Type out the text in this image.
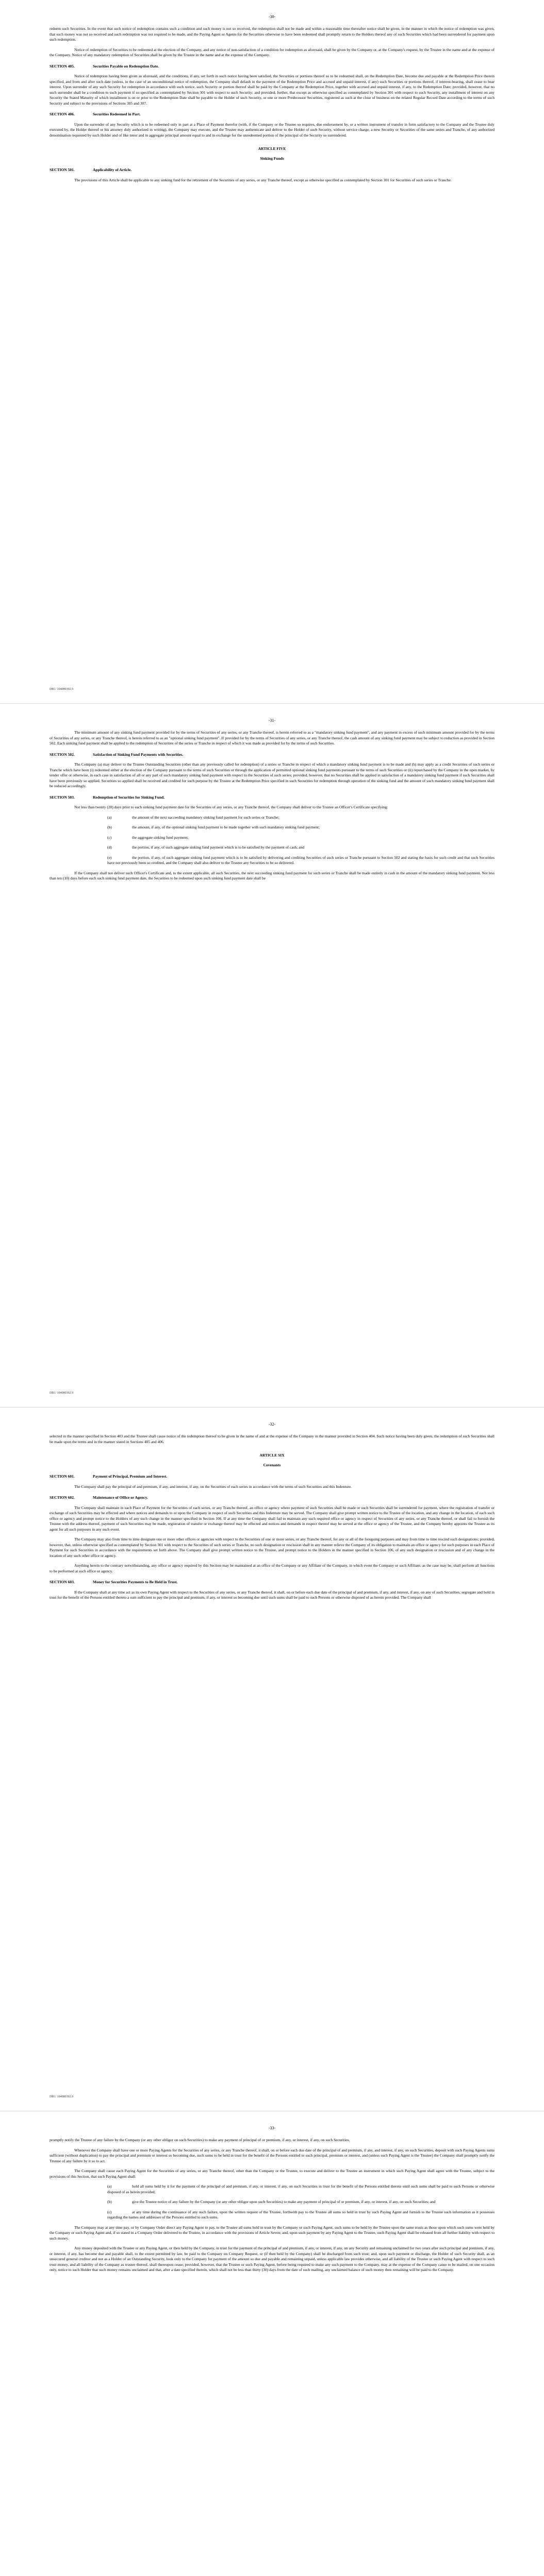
-30-

redeem such Securities. In the event that such notice of redemption contains such a condition and such money is not so received, the redemption shall not be made and within a reasonable time thereafter notice shall be given, in the manner in which the notice of redemption was given, that such money was not so received and such redemption was not required to be made, and the Paying Agent or Agents for the Securities otherwise to have been redeemed shall promptly return to the Holders thereof any of such Securities which had been surrendered for payment upon such redemption.

Notice of redemption of Securities to be redeemed at the election of the Company, and any notice of non-satisfaction of a condition for redemption as aforesaid, shall be given by the Company or, at the Company's request, by the Trustee in the name and at the expense of the Company. Notice of any mandatory redemption of Securities shall be given by the Trustee in the name and at the expense of the Company.

SECTION 405.	Securities Payable on Redemption Date.

Notice of redemption having been given as aforesaid, and the conditions, if any, set forth in such notice having been satisfied, the Securities or portions thereof so to be redeemed shall, on the Redemption Date, become due and payable at the Redemption Price therein specified, and from and after such date (unless, in the case of an unconditional notice of redemption, the Company shall default in the payment of the Redemption Price and accrued and unpaid interest, if any) such Securities or portions thereof, if interest-bearing, shall cease to bear interest. Upon surrender of any such Security for redemption in accordance with such notice, such Security or portion thereof shall be paid by the Company at the Redemption Price, together with accrued and unpaid interest, if any, to the Redemption Date; provided, however, that no such surrender shall be a condition to such payment if so specified as contemplated by Section 301 with respect to such Security; and provided, further, that except as otherwise specified as contemplated by Section 301 with respect to such Security, any installment of interest on any Security the Stated Maturity of which installment is on or prior to the Redemption Date shall be payable to the Holder of such Security, or one or more Predecessor Securities, registered as such at the close of business on the related Regular Record Date according to the terms of such Security and subject to the provisions of Sections 305 and 307.

SECTION 406.	Securities Redeemed in Part.

Upon the surrender of any Security which is to be redeemed only in part at a Place of Payment therefor (with, if the Company or the Trustee so requires, due endorsement by, or a written instrument of transfer in form satisfactory to the Company and the Trustee duly executed by, the Holder thereof or his attorney duly authorized in writing), the Company may execute, and the Trustee may authenticate and deliver to the Holder of such Security, without service charge, a new Security or Securities of the same series and Tranche, of any authorized denomination requested by such Holder and of like tenor and in aggregate principal amount equal to and in exchange for the unredeemed portion of the principal of the Security so surrendered.

ARTICLE FIVE
Sinking Funds
SECTION 501.	Applicability of Article.

The provisions of this Article shall be applicable to any sinking fund for the retirement of the Securities of any series, or any Tranche thereof, except as otherwise specified as contemplated by Section 301 for Securities of such series or Tranche.

DB1/ 104080392.9
-31-

The minimum amount of any sinking fund payment provided for by the terms of Securities of any series, or any Tranche thereof, is herein referred to as a "mandatory sinking fund payment", and any payment in excess of such minimum amount provided for by the terms of Securities of any series, or any Tranche thereof, is herein referred to as an "optional sinking fund payment". If provided for by the terms of Securities of any series, or any Tranche thereof, the cash amount of any sinking fund payment may be subject to reduction as provided in Section 502. Each sinking fund payment shall be applied to the redemption of Securities of the series or Tranche in respect of which it was made as provided for by the terms of such Securities.

SECTION 502.	Satisfaction of Sinking Fund Payments with Securities.

The Company (a) may deliver to the Trustee Outstanding Securities (other than any previously called for redemption) of a series or Tranche in respect of which a mandatory sinking fund payment is to be made and (b) may apply as a credit Securities of such series or Tranche which have been (i) redeemed either at the election of the Company pursuant to the terms of such Securities or through the application of permitted optional sinking fund payments pursuant to the terms of such Securities or (ii) repurchased by the Company in the open market, by tender offer or otherwise, in each case in satisfaction of all or any part of such mandatory sinking fund payment with respect to the Securities of such series; provided, however, that no Securities shall be applied in satisfaction of a mandatory sinking fund payment if such Securities shall have been previously so applied. Securities so applied shall be received and credited for such purpose by the Trustee at the Redemption Price specified in such Securities for redemption through operation of the sinking fund and the amount of such mandatory sinking fund payment shall be reduced accordingly.

SECTION 503.	Redemption of Securities for Sinking Fund.

Not less than twenty (20) days prior to each sinking fund payment date for the Securities of any series, or any Tranche thereof, the Company shall deliver to the Trustee an Officer's Certificate specifying:

(a)	the amount of the next succeeding mandatory sinking fund payment for such series or Tranche;

(b)	the amount, if any, of the optional sinking fund payment to be made together with such mandatory sinking fund payment;

(c)	the aggregate sinking fund payment;

(d)	the portion, if any, of such aggregate sinking fund payment which is to be satisfied by the payment of cash; and

(e)	the portion, if any, of such aggregate sinking fund payment which is to be satisfied by delivering and crediting Securities of such series or Tranche pursuant to Section 502 and stating the basis for such credit and that such Securities have not previously been so credited, and the Company shall also deliver to the Trustee any Securities to be so delivered.

If the Company shall not deliver such Officer's Certificate and, to the extent applicable, all such Securities, the next succeeding sinking fund payment for such series or Tranche shall be made entirely in cash in the amount of the mandatory sinking fund payment. Not less than ten (10) days before each such sinking fund payment date, the Securities to be redeemed upon such sinking fund payment date shall be

DB1/ 104080392.9
-32-

selected in the manner specified in Section 403 and the Trustee shall cause notice of the redemption thereof to be given in the name of and at the expense of the Company in the manner provided in Section 404. Such notice having been duly given, the redemption of such Securities shall be made upon the terms and in the manner stated in Sections 405 and 406.

ARTICLE SIX
Covenants
SECTION 601.	Payment of Principal, Premium and Interest.

The Company shall pay the principal of and premium, if any, and interest, if any, on the Securities of each series in accordance with the terms of such Securities and this Indenture.

SECTION 602.	Maintenance of Office or Agency.

The Company shall maintain in each Place of Payment for the Securities of each series, or any Tranche thereof, an office or agency where payment of such Securities shall be made or such Securities shall be surrendered for payment, where the registration of transfer or exchange of such Securities may be effected and where notices and demands to or upon the Company in respect of such Securities and this Indenture may be served. The Company shall give prompt written notice to the Trustee of the location, and any change in the location, of each such office or agency and prompt notice to the Holders of any such change in the manner specified in Section 106. If at any time the Company shall fail to maintain any such required office or agency in respect of Securities of any series, or any Tranche thereof, or shall fail to furnish the Trustee with the address thereof, payment of such Securities may be made, registration of transfer or exchange thereof may be effected and notices and demands in respect thereof may be served at the office or agency of the Trustee, and the Company hereby appoints the Trustee as its agent for all such purposes in any such event.

The Company may also from time to time designate one or more other offices or agencies with respect to the Securities of one or more series, or any Tranche thereof, for any or all of the foregoing purposes and may from time to time rescind such designations; provided, however, that, unless otherwise specified as contemplated by Section 301 with respect to the Securities of such series or Tranche, no such designation or rescission shall in any manner relieve the Company of its obligation to maintain an office or agency for such purposes in each Place of Payment for such Securities in accordance with the requirements set forth above. The Company shall give prompt written notice to the Trustee, and prompt notice to the Holders in the manner specified in Section 106, of any such designation or rescission and of any change in the location of any such other office or agency.

Anything herein to the contrary notwithstanding, any office or agency required by this Section may be maintained at an office of the Company or any Affiliate of the Company, in which event the Company or such Affiliate, as the case may be, shall perform all functions to be performed at such office or agency.

SECTION 603.	Money for Securities Payments to Be Held in Trust.

If the Company shall at any time act as its own Paying Agent with respect to the Securities of any series, or any Tranche thereof, it shall, on or before each due date of the principal of and premium, if any, and interest, if any, on any of such Securities, segregate and hold in trust for the benefit of the Persons entitled thereto a sum sufficient to pay the principal and premium, if any, or interest so becoming due until such sums shall be paid to such Persons or otherwise disposed of as herein provided. The Company shall

DB1/ 104080392.9
-33-

promptly notify the Trustee of any failure by the Company (or any other obligor on such Securities) to make any payment of principal of or premium, if any, or interest, if any, on such Securities.

Whenever the Company shall have one or more Paying Agents for the Securities of any series, or any Tranche thereof, it shall, on or before each due date of the principal of and premium, if any, and interest, if any, on such Securities, deposit with such Paying Agents sums sufficient (without duplication) to pay the principal and premium or interest so becoming due, such sums to be held in trust for the benefit of the Persons entitled to such principal, premium or interest, and (unless such Paying Agent is the Trustee) the Company shall promptly notify the Trustee of any failure by it so to act.

The Company shall cause each Paying Agent for the Securities of any series, or any Tranche thereof, other than the Company or the Trustee, to execute and deliver to the Trustee an instrument in which such Paying Agent shall agree with the Trustee, subject to the provisions of this Section, that such Paying Agent shall:

(a)	hold all sums held by it for the payment of the principal of and premium, if any, or interest, if any, on such Securities in trust for the benefit of the Persons entitled thereto until such sums shall be paid to such Persons or otherwise disposed of as herein provided;

(b)	give the Trustee notice of any failure by the Company (or any other obligor upon such Securities) to make any payment of principal of or premium, if any, or interest, if any, on such Securities; and

(c)	at any time during the continuance of any such failure, upon the written request of the Trustee, forthwith pay to the Trustee all sums so held in trust by such Paying Agent and furnish to the Trustee such information as it possesses regarding the names and addresses of the Persons entitled to such sums.

The Company may at any time pay, or by Company Order direct any Paying Agent to pay, to the Trustee all sums held in trust by the Company or such Paying Agent, such sums to be held by the Trustee upon the same trusts as those upon which such sums were held by the Company or such Paying Agent and, if so stated in a Company Order delivered to the Trustee, in accordance with the provisions of Article Seven; and, upon such payment by any Paying Agent to the Trustee, such Paying Agent shall be released from all further liability with respect to such money.

Any money deposited with the Trustee or any Paying Agent, or then held by the Company, in trust for the payment of the principal of and premium, if any, or interest, if any, on any Security and remaining unclaimed for two years after such principal and premium, if any, or interest, if any, has become due and payable shall, to the extent permitted by law, be paid to the Company on Company Request, or (if then held by the Company) shall be discharged from such trust; and, upon such payment or discharge, the Holder of such Security shall, as an unsecured general creditor and not as a Holder of an Outstanding Security, look only to the Company for payment of the amount so due and payable and remaining unpaid, unless applicable law provides otherwise, and all liability of the Trustee or such Paying Agent with respect to such trust money, and all liability of the Company as trustee thereof, shall thereupon cease; provided, however, that the Trustee or such Paying Agent, before being required to make any such payment to the Company, may at the expense of the Company cause to be mailed, on one occasion only, notice to such Holder that such money remains unclaimed and that, after a date specified therein, which shall not be less than thirty (30) days from the date of such mailing, any unclaimed balance of such money then remaining will be paid to the Company.
